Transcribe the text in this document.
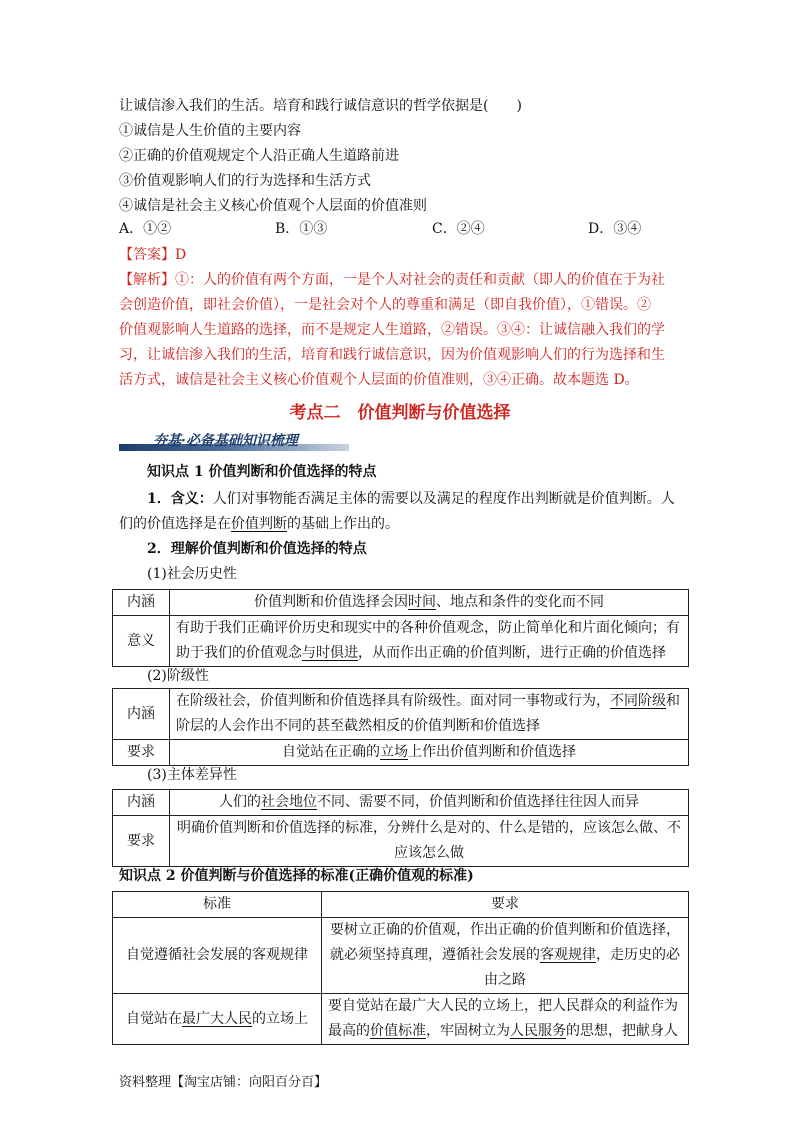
让诚信渗入我们的生活。培育和践行诚信意识的哲学依据是(　　)
①诚信是人生价值的主要内容
②正确的价值观规定个人沿正确人生道路前进
③价值观影响人们的行为选择和生活方式
④诚信是社会主义核心价值观个人层面的价值准则
A．①②	B．①③	C．②④	D．③④
【答案】D
【解析】①：人的价值有两个方面，一是个人对社会的责任和贡献（即人的价值在于为社
会创造价值，即社会价值），一是社会对个人的尊重和满足（即自我价值），①错误。②
价值观影响人生道路的选择，而不是规定人生道路，②错误。③④：让诚信融入我们的学
习，让诚信渗入我们的生活，培育和践行诚信意识，因为价值观影响人们的行为选择和生
活方式，诚信是社会主义核心价值观个人层面的价值准则，③④正确。故本题选 D。
考点二　价值判断与价值选择
夯基·必备基础知识梳理
知识点 1 价值判断和价值选择的特点
1．含义：人们对事物能否满足主体的需要以及满足的程度作出判断就是价值判断。人
们的价值选择是在价值判断的基础上作出的。
2．理解价值判断和价值选择的特点
(1)社会历史性
内涵	价值判断和价值选择会因时间、地点和条件的变化而不同
意义	有助于我们正确评价历史和现实中的各种价值观念，防止简单化和片面化倾向；有
助于我们的价值观念与时俱进，从而作出正确的价值判断，进行正确的价值选择
(2)阶级性
内涵	在阶级社会，价值判断和价值选择具有阶级性。面对同一事物或行为，不同阶级和
阶层的人会作出不同的甚至截然相反的价值判断和价值选择

要求	自觉站在正确的立场上作出价值判断和价值选择
(3)主体差异性
内涵	人们的社会地位不同、需要不同，价值判断和价值选择往往因人而异
要求	明确价值判断和价值选择的标准，分辨什么是对的、什么是错的，应该怎么做、不
应该怎么做
知识点 2 价值判断与价值选择的标准(正确价值观的标准)
标准	要求
自觉遵循社会发展的客观规律	要树立正确的价值观，作出正确的价值判断和价值选择，
就必须坚持真理，遵循社会发展的客观规律，走历史的必
由之路

自觉站在最广大人民的立场上	要自觉站在最广大人民的立场上，把人民群众的利益作为
最高的价值标准，牢固树立为人民服务的思想，把献身人
资料整理【淘宝店铺：向阳百分百】
